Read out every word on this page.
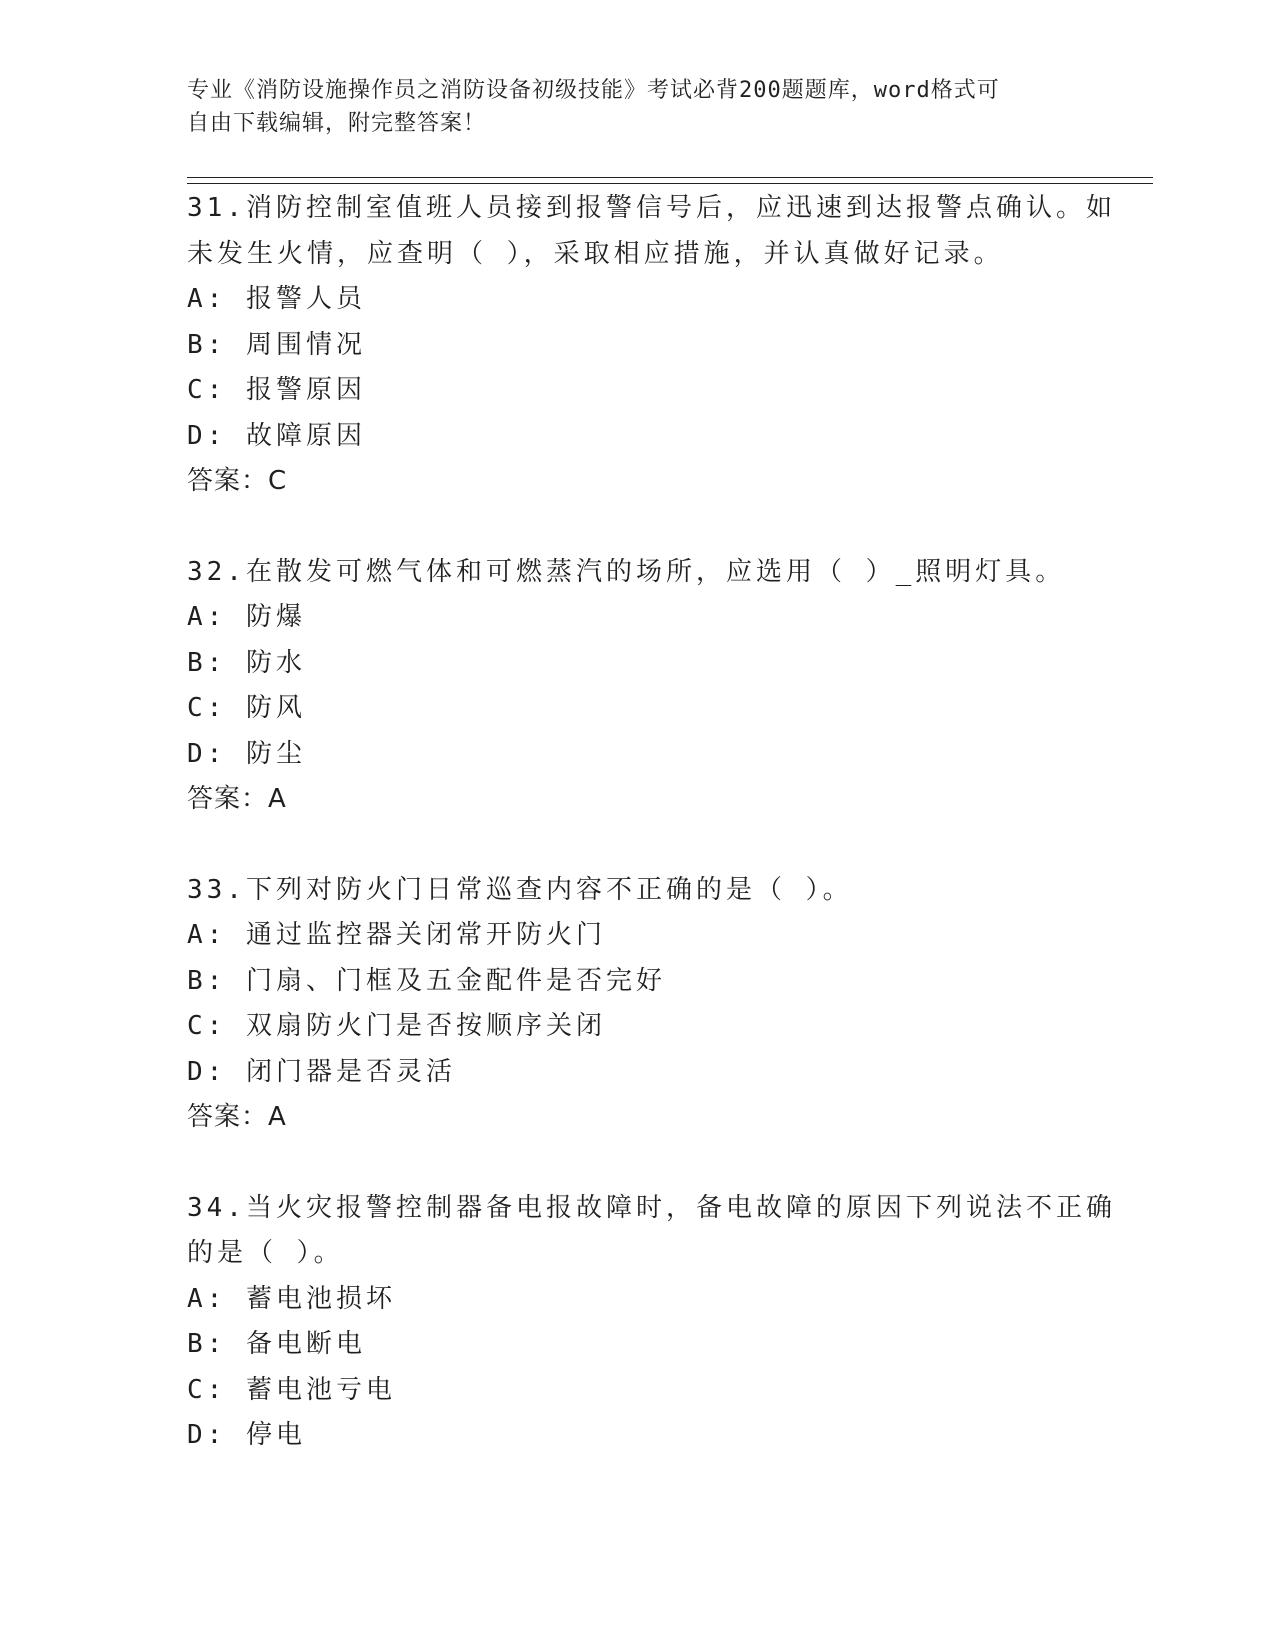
专业《消防设施操作员之消防设备初级技能》考试必背200题题库，word格式可
自由下载编辑，附完整答案！
31.消防控制室值班人员接到报警信号后，应迅速到达报警点确认。如
未发生火情，应查明（ ），采取相应措施，并认真做好记录。
A: 报警人员
B: 周围情况
C: 报警原因
D: 故障原因
答案：C
32.在散发可燃气体和可燃蒸汽的场所，应选用（ ）_照明灯具。
A: 防爆
B: 防水
C: 防风
D: 防尘
答案：A
33.下列对防火门日常巡查内容不正确的是（ ）。
A: 通过监控器关闭常开防火门
B: 门扇、门框及五金配件是否完好
C: 双扇防火门是否按顺序关闭
D: 闭门器是否灵活
答案：A
34.当火灾报警控制器备电报故障时，备电故障的原因下列说法不正确
的是（ ）。
A: 蓄电池损坏
B: 备电断电
C: 蓄电池亏电
D: 停电
